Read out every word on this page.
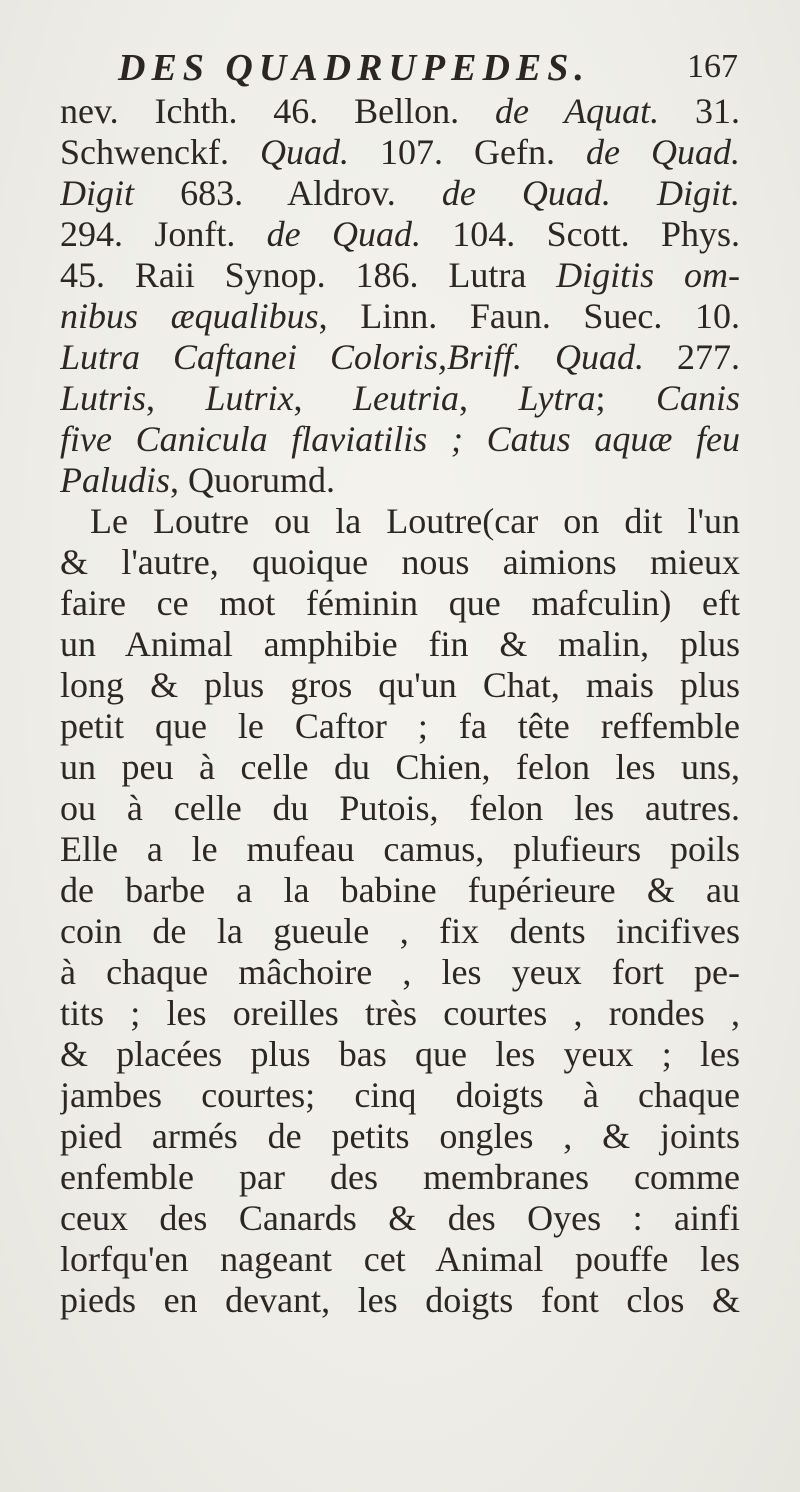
DES QUADRUPEDES.	167
nev. Ichth. 46. Bellon. de Aquat. 31.
Schwenckf. Quad. 107. Gefn. de Quad.
Digit 683. Aldrov. de Quad. Digit.
294. Jonft. de Quad. 104. Scott. Phys.
45. Raii Synop. 186. Lutra Digitis om-
nibus æqualibus, Linn. Faun. Suec. 10.
Lutra Caftanei Coloris,Briff. Quad. 277.
Lutris, Lutrix, Leutria, Lytra; Canis
five Canicula flaviatilis ; Catus aquæ feu
Paludis, Quorumd.
Le Loutre ou la Loutre(car on dit l'un
& l'autre, quoique nous aimions mieux
faire ce mot féminin que mafculin) eft
un Animal amphibie fin & malin, plus
long & plus gros qu'un Chat, mais plus
petit que le Caftor ; fa tête reffemble
un peu à celle du Chien, felon les uns,
ou à celle du Putois, felon les autres.
Elle a le mufeau camus, plufieurs poils
de barbe a la babine fupérieure & au
coin de la gueule , fix dents incifives
à chaque mâchoire , les yeux fort pe-
tits ; les oreilles très courtes , rondes ,
& placées plus bas que les yeux ; les
jambes courtes; cinq doigts à chaque
pied armés de petits ongles , & joints
enfemble par des membranes comme
ceux des Canards & des Oyes : ainfi
lorfqu'en nageant cet Animal pouffe les
pieds en devant, les doigts font clos &
